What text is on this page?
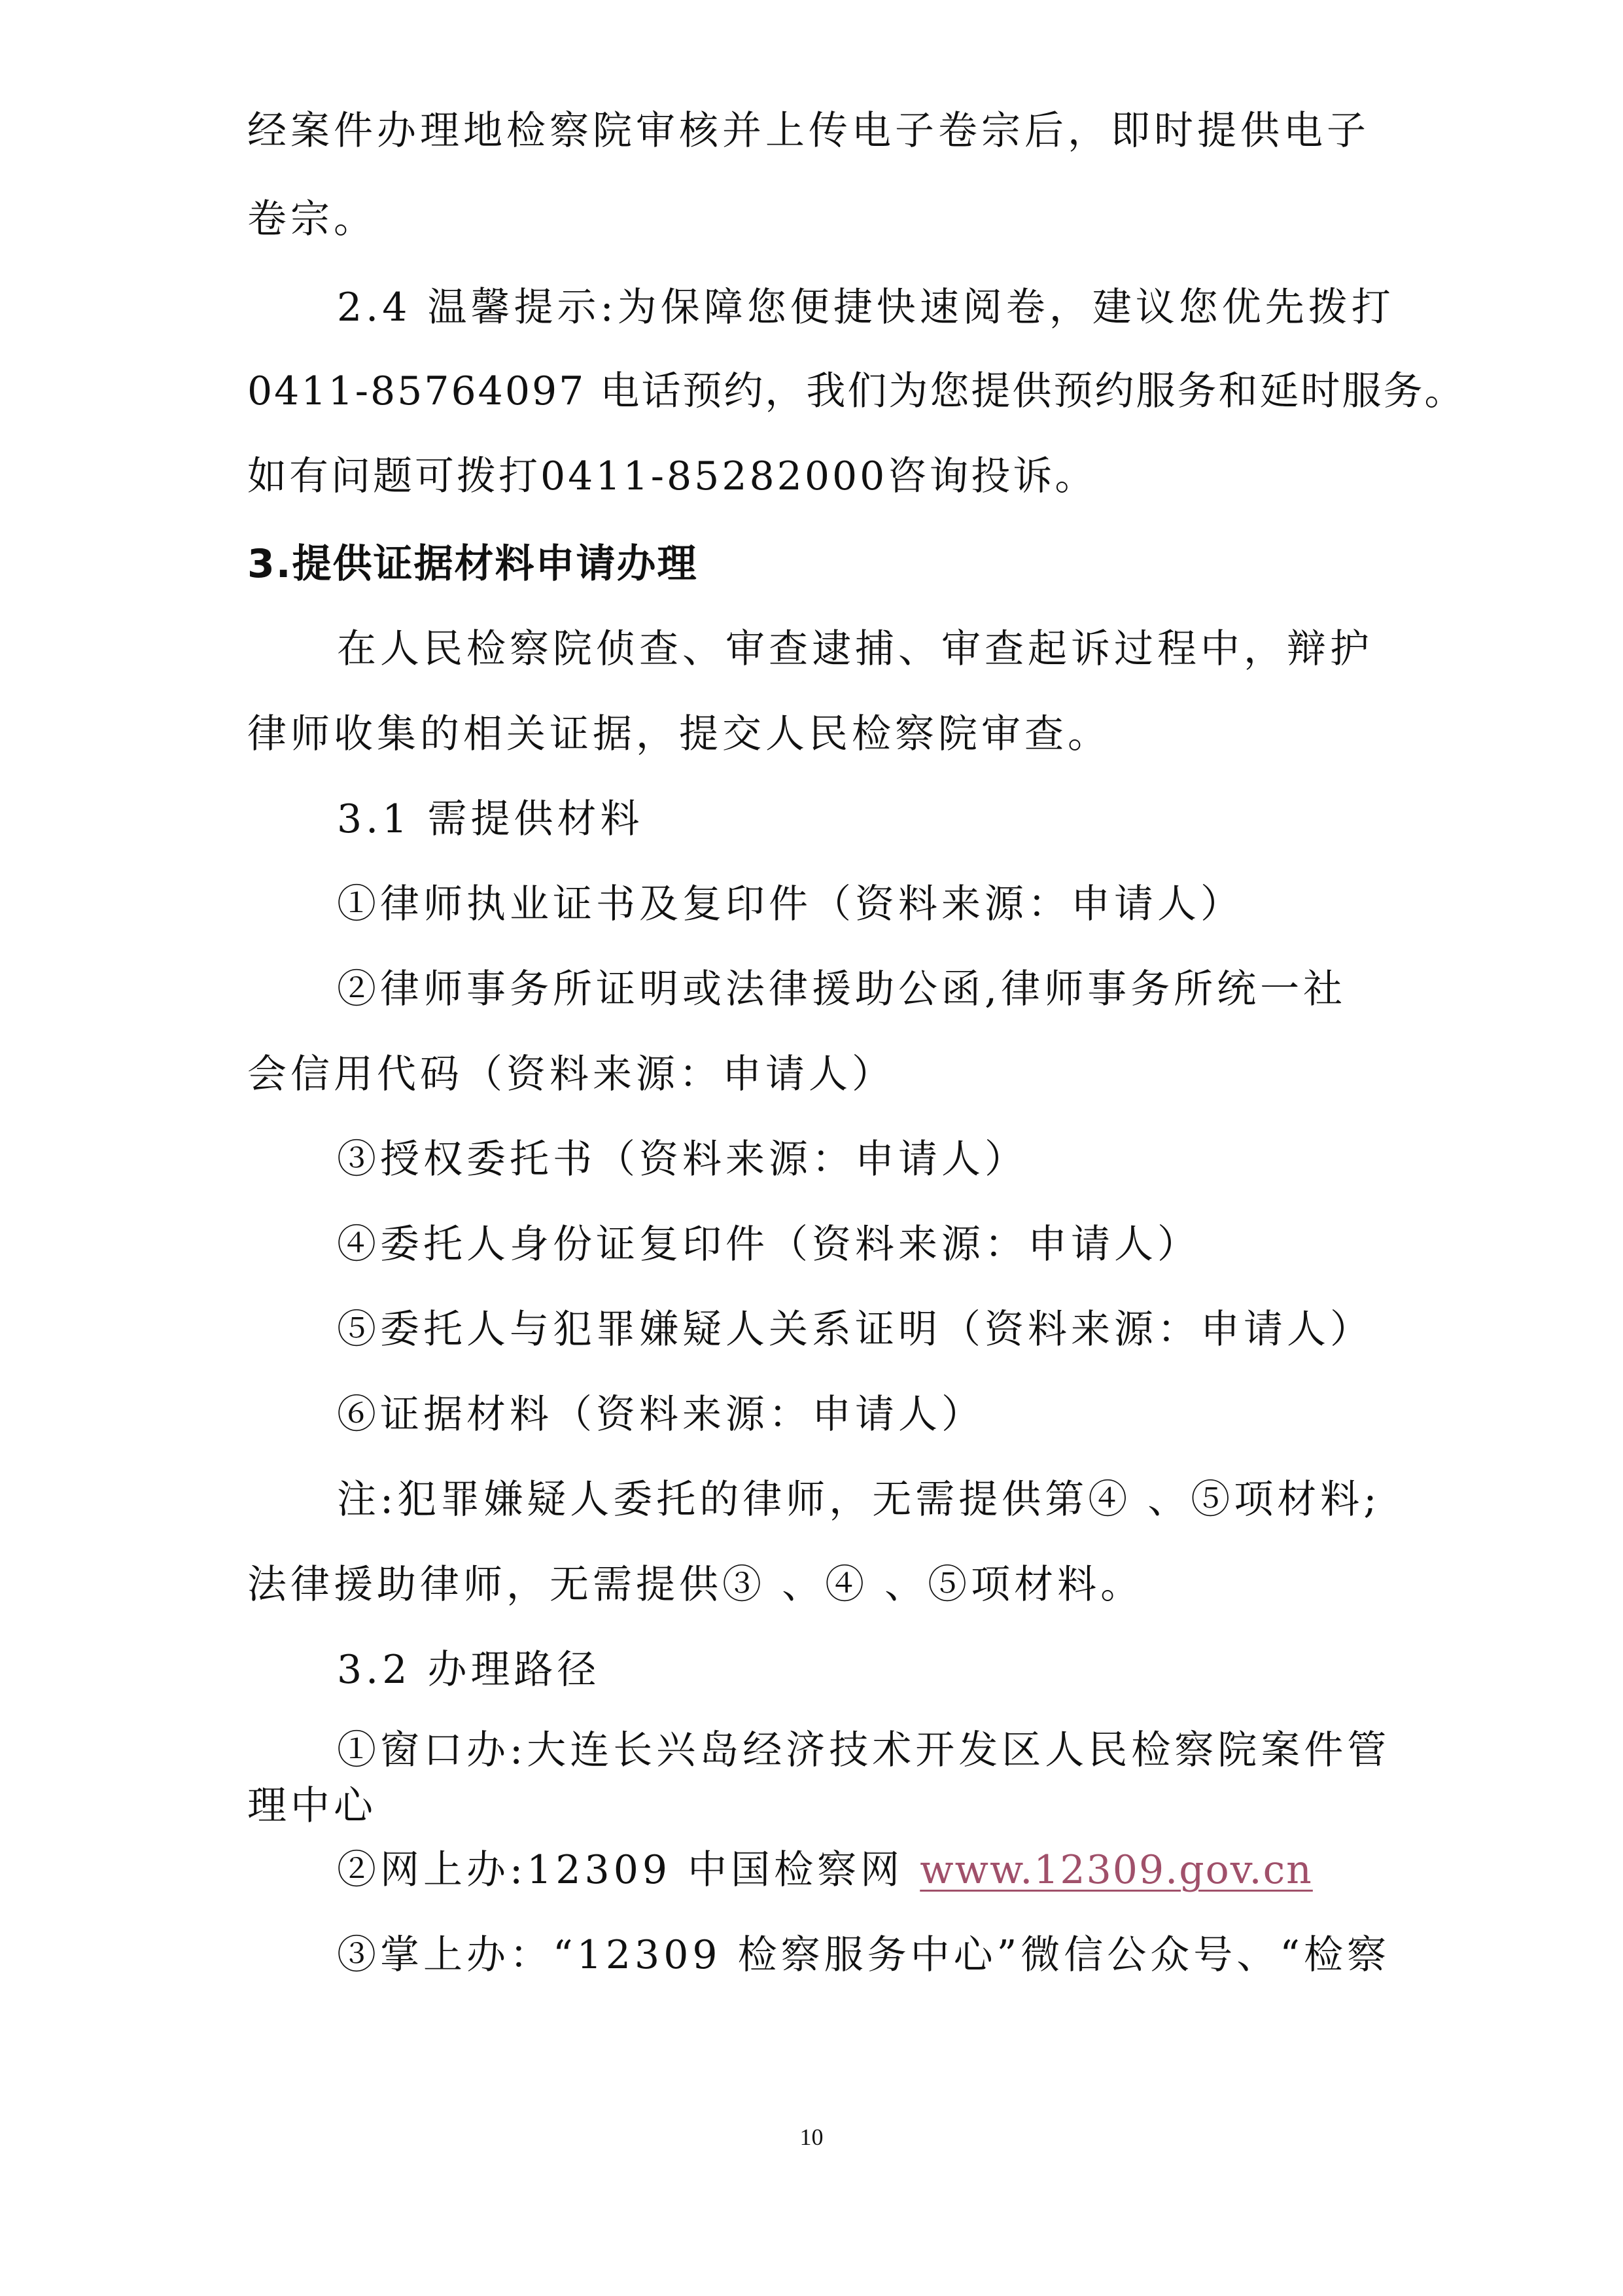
经案件办理地检察院审核并上传电子卷宗后，即时提供电子
卷宗。
2.4 温馨提示:为保障您便捷快速阅卷，建议您优先拨打
0411-85764097 电话预约，我们为您提供预约服务和延时服务。
如有问题可拨打0411-85282000咨询投诉。
3.提供证据材料申请办理
在人民检察院侦查、审查逮捕、审查起诉过程中，辩护
律师收集的相关证据，提交人民检察院审查。
3.1 需提供材料
①律师执业证书及复印件（资料来源：申请人）
②律师事务所证明或法律援助公函,律师事务所统一社
会信用代码（资料来源：申请人）
③授权委托书（资料来源：申请人）
④委托人身份证复印件（资料来源：申请人）
⑤委托人与犯罪嫌疑人关系证明（资料来源：申请人）
⑥证据材料（资料来源：申请人）
注:犯罪嫌疑人委托的律师，无需提供第④ 、⑤项材料;
法律援助律师，无需提供③ 、④ 、⑤项材料。
3.2 办理路径
①窗口办:大连长兴岛经济技术开发区人民检察院案件管
理中心
②网上办:12309 中国检察网 www.12309.gov.cn
③掌上办：“12309 检察服务中心”微信公众号、“检察
10
